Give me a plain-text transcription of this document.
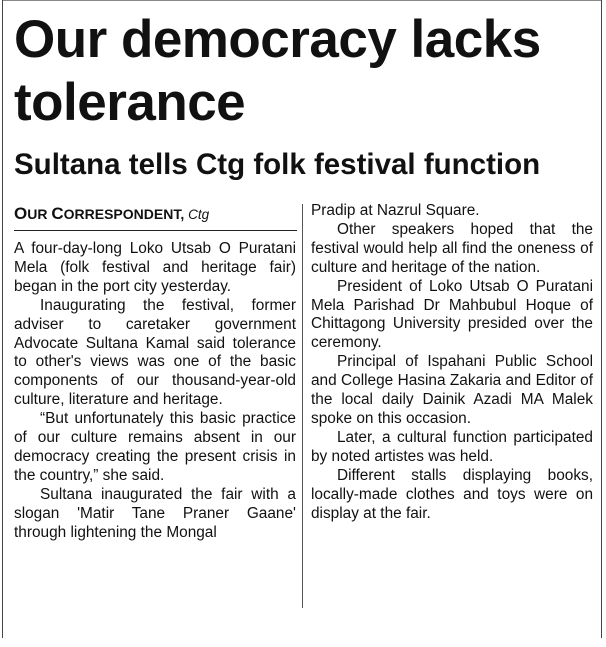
Our democracy lacks tolerance
Sultana tells Ctg folk festival function
OUR CORRESPONDENT, Ctg

A four-day-long Loko Utsab O Puratani Mela (folk festival and heritage fair) began in the port city yesterday.

Inaugurating the festival, former adviser to caretaker government Advocate Sultana Kamal said tolerance to other's views was one of the basic components of our thousand-year-old culture, literature and heritage.

“But unfortunately this basic practice of our culture remains absent in our democracy creating the present crisis in the country,” she said.

Sultana inaugurated the fair with a slogan 'Matir Tane Praner Gaane' through lightening the Mongal

Pradip at Nazrul Square.

Other speakers hoped that the festival would help all find the oneness of culture and heritage of the nation.

President of Loko Utsab O Puratani Mela Parishad Dr Mahbubul Hoque of Chittagong University presided over the ceremony.

Principal of Ispahani Public School and College Hasina Zakaria and Editor of the local daily Dainik Azadi MA Malek spoke on this occasion.

Later, a cultural function participated by noted artistes was held.

Different stalls displaying books, locally-made clothes and toys were on display at the fair.
